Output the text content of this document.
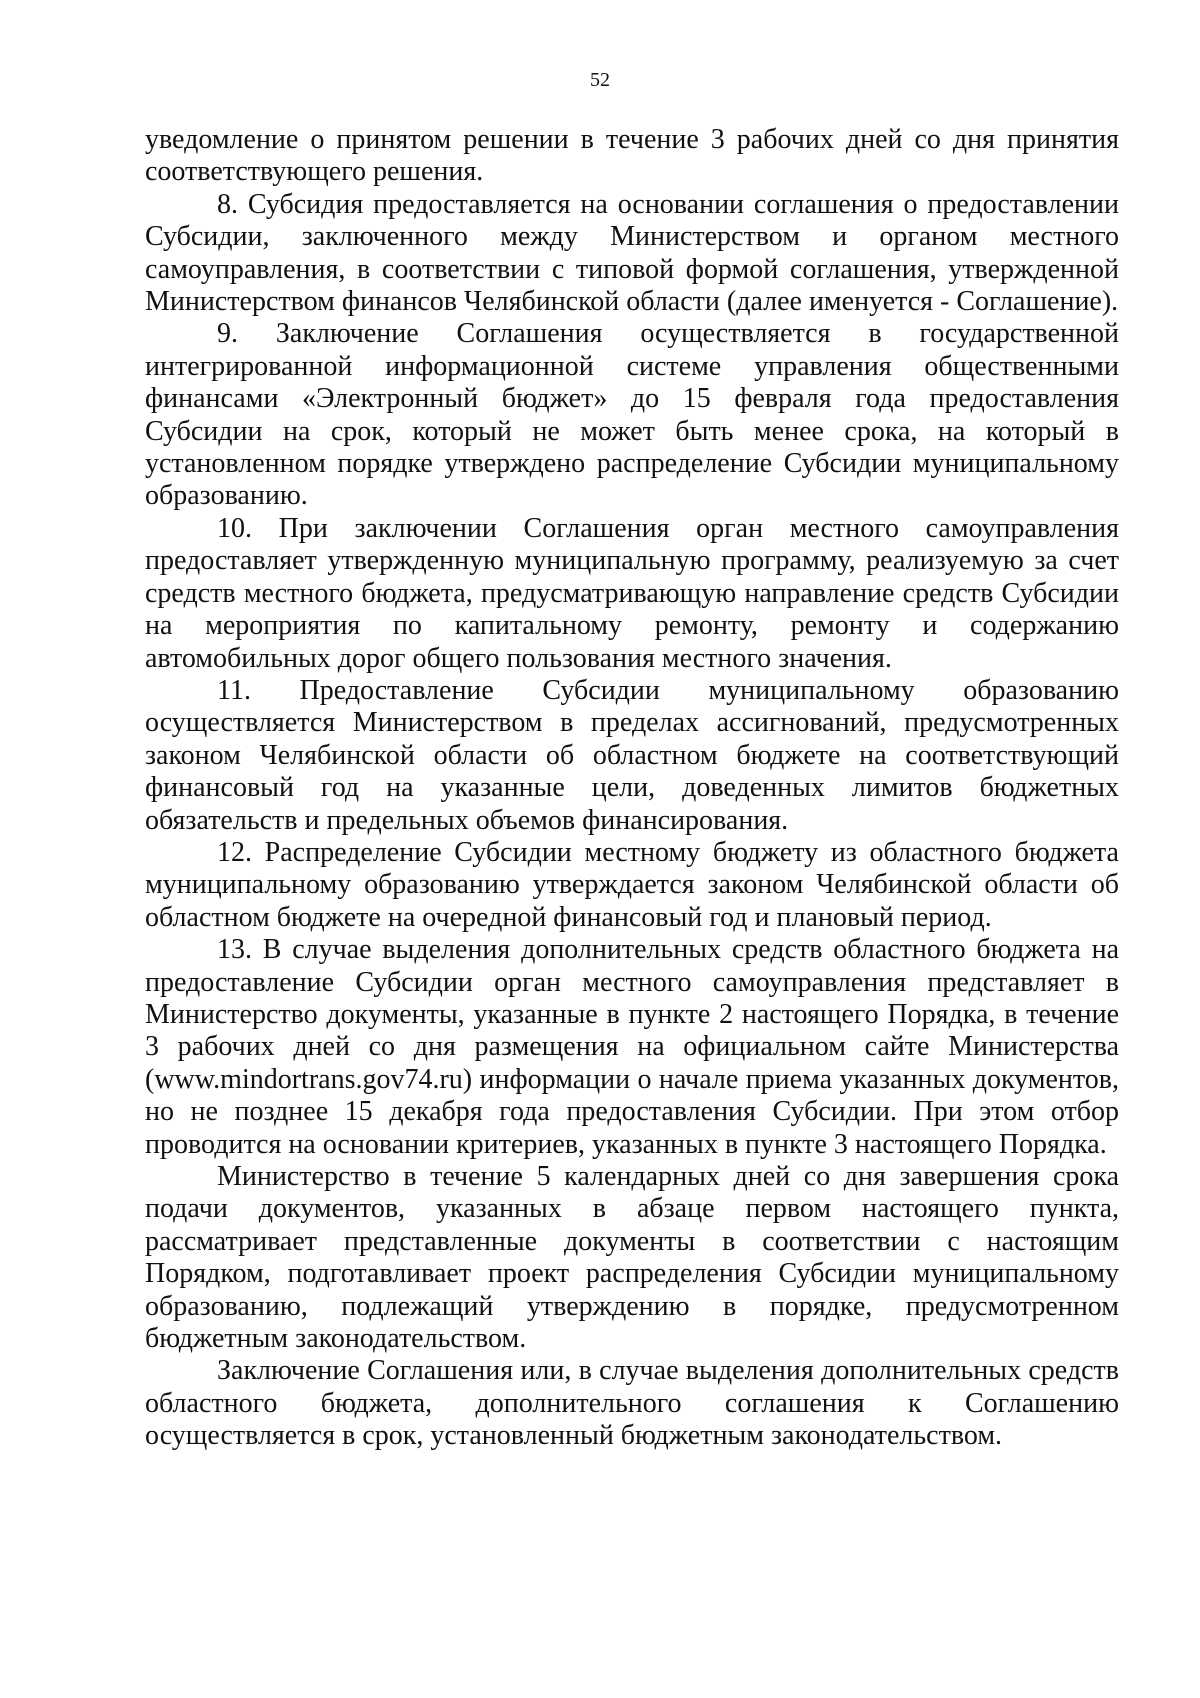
52

уведомление о принятом решении в течение 3 рабочих дней со дня принятия соответствующего решения.

8. Субсидия предоставляется на основании соглашения о предоставлении Субсидии, заключенного между Министерством и органом местного самоуправления, в соответствии с типовой формой соглашения, утвержденной Министерством финансов Челябинской области (далее именуется - Соглашение).

9. Заключение Соглашения осуществляется в государственной интегрированной информационной системе управления общественными финансами «Электронный бюджет» до 15 февраля года предоставления Субсидии на срок, который не может быть менее срока, на который в установленном порядке утверждено распределение Субсидии муниципальному образованию.

10. При заключении Соглашения орган местного самоуправления предоставляет утвержденную муниципальную программу, реализуемую за счет средств местного бюджета, предусматривающую направление средств Субсидии на мероприятия по капитальному ремонту, ремонту и содержанию автомобильных дорог общего пользования местного значения.

11. Предоставление Субсидии муниципальному образованию осуществляется Министерством в пределах ассигнований, предусмотренных законом Челябинской области об областном бюджете на соответствующий финансовый год на указанные цели, доведенных лимитов бюджетных обязательств и предельных объемов финансирования.

12. Распределение Субсидии местному бюджету из областного бюджета муниципальному образованию утверждается законом Челябинской области об областном бюджете на очередной финансовый год и плановый период.

13. В случае выделения дополнительных средств областного бюджета на предоставление Субсидии орган местного самоуправления представляет в Министерство документы, указанные в пункте 2 настоящего Порядка, в течение 3 рабочих дней со дня размещения на официальном сайте Министерства (www.mindortrans.gov74.ru) информации о начале приема указанных документов, но не позднее 15 декабря года предоставления Субсидии. При этом отбор проводится на основании критериев, указанных в пункте 3 настоящего Порядка.

Министерство в течение 5 календарных дней со дня завершения срока подачи документов, указанных в абзаце первом настоящего пункта, рассматривает представленные документы в соответствии с настоящим Порядком, подготавливает проект распределения Субсидии муниципальному образованию, подлежащий утверждению в порядке, предусмотренном бюджетным законодательством.

Заключение Соглашения или, в случае выделения дополнительных средств областного бюджета, дополнительного соглашения к Соглашению осуществляется в срок, установленный бюджетным законодательством.
